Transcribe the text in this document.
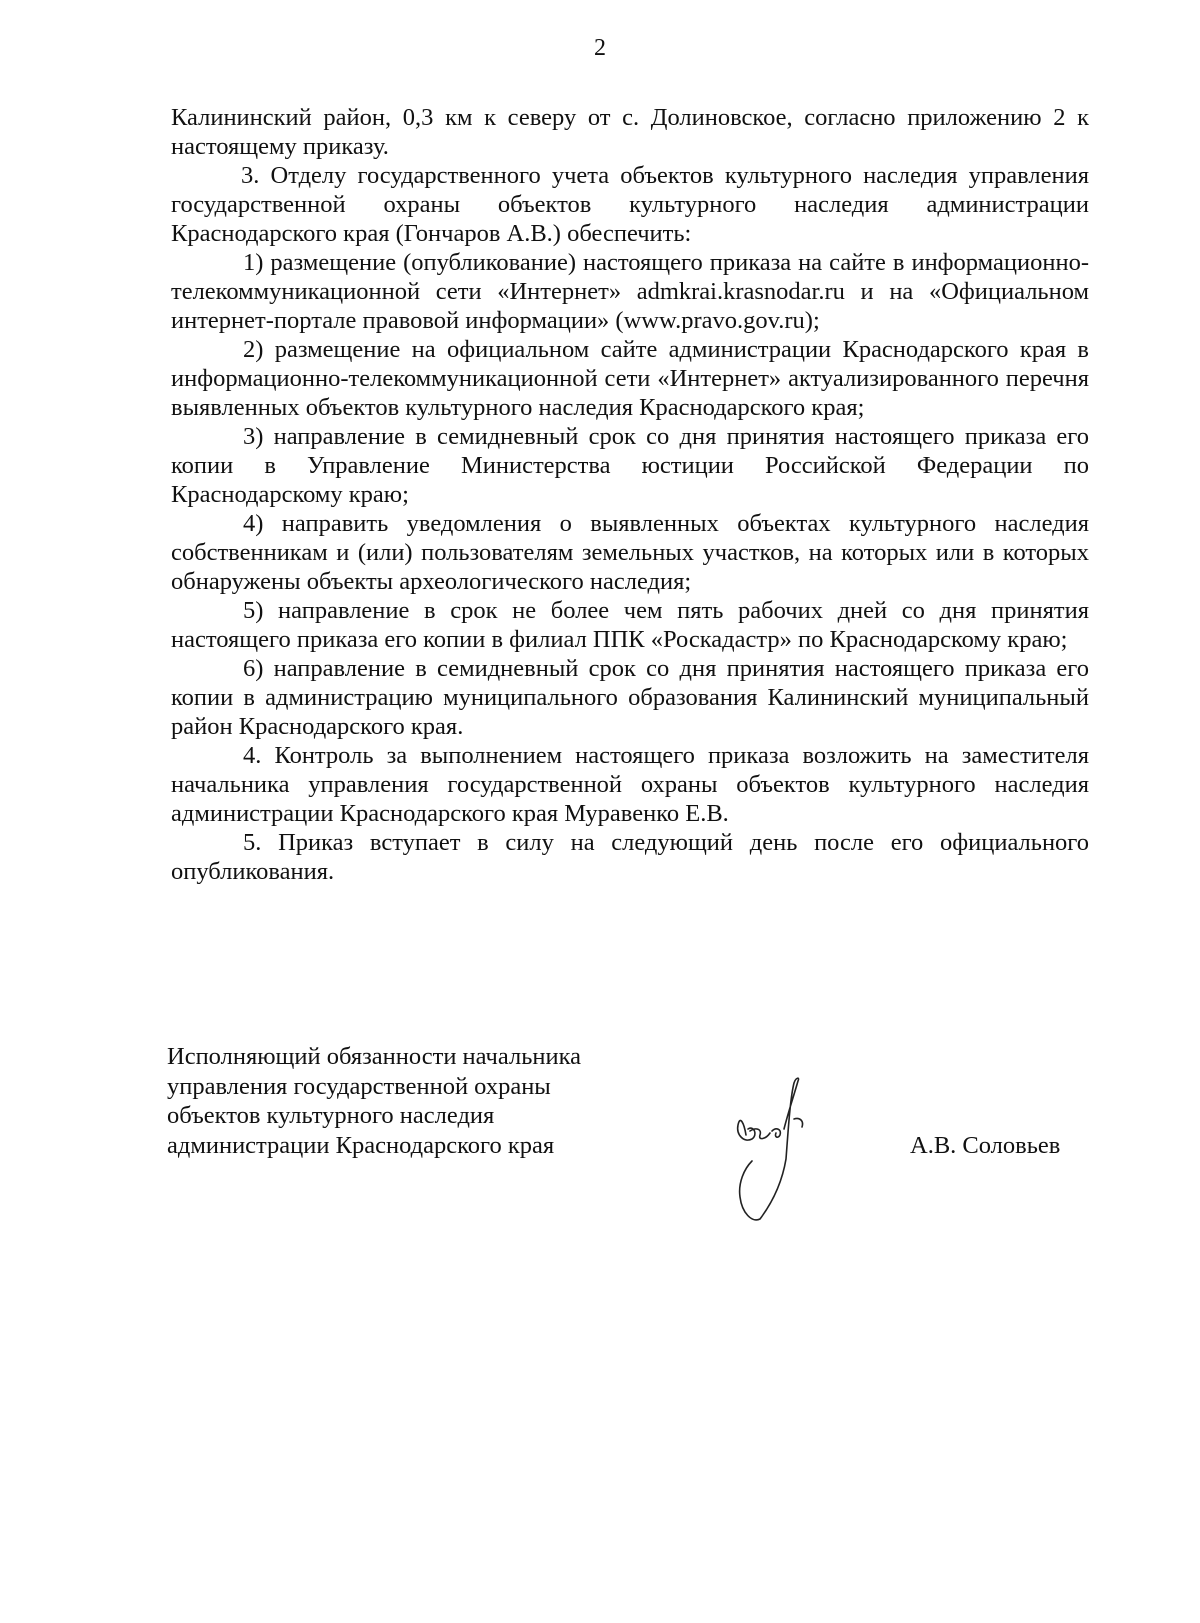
2

Калининский район, 0,3 км к северу от с. Долиновское, согласно приложению 2 к настоящему приказу.

3. Отделу государственного учета объектов культурного наследия управления государственной охраны объектов культурного наследия администрации Краснодарского края (Гончаров А.В.) обеспечить:

1) размещение (опубликование) настоящего приказа на сайте в информационно-телекоммуникационной сети «Интернет» admkrai.krasnodar.ru и на «Официальном интернет-портале правовой информации» (www.pravo.gov.ru);

2) размещение на официальном сайте администрации Краснодарского края в информационно-телекоммуникационной сети «Интернет» актуализированного перечня выявленных объектов культурного наследия Краснодарского края;

3) направление в семидневный срок со дня принятия настоящего приказа его копии в Управление Министерства юстиции Российской Федерации по Краснодарскому краю;

4) направить уведомления о выявленных объектах культурного наследия собственникам и (или) пользователям земельных участков, на которых или в которых обнаружены объекты археологического наследия;

5) направление в срок не более чем пять рабочих дней со дня принятия настоящего приказа его копии в филиал ППК «Роскадастр» по Краснодарскому краю;

6) направление в семидневный срок со дня принятия настоящего приказа его копии в администрацию муниципального образования Калининский муниципальный район Краснодарского края.

4. Контроль за выполнением настоящего приказа возложить на заместителя начальника управления государственной охраны объектов культурного наследия администрации Краснодарского края Муравенко Е.В.

5. Приказ вступает в силу на следующий день после его официального опубликования.

Исполняющий обязанности начальника
управления государственной охраны
объектов культурного наследия
администрации Краснодарского края	А.В. Соловьев
